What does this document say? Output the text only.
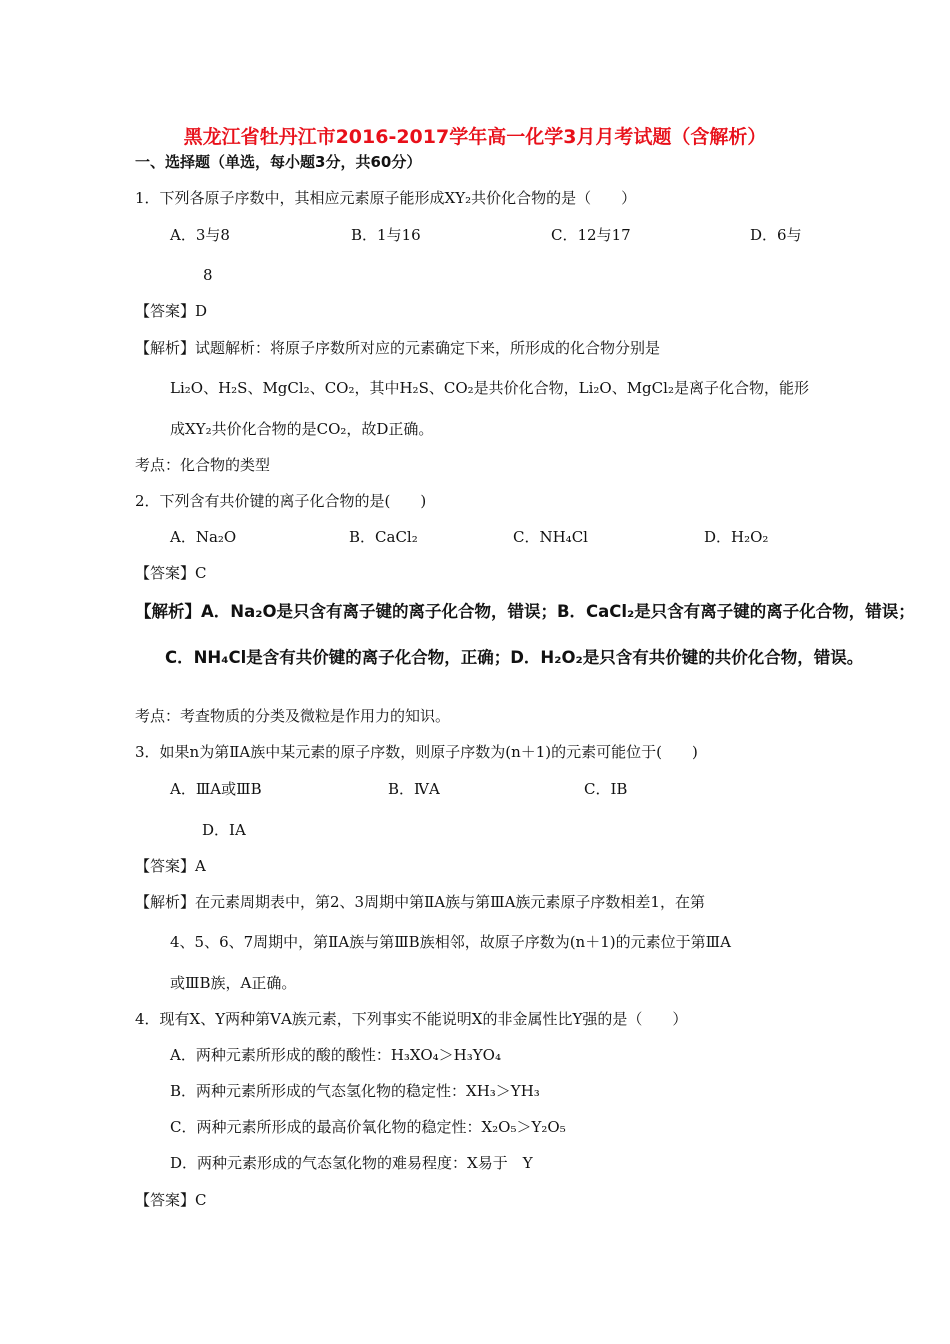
黑龙江省牡丹江市2016-2017学年高一化学3月月考试题（含解析）
一、选择题（单选，每小题3分，共60分）
1．下列各原子序数中，其相应元素原子能形成XY₂共价化合物的是（　　）
A．3与8	B．1与16	C．12与17	D．6与
8
【答案】D
【解析】试题解析：将原子序数所对应的元素确定下来，所形成的化合物分别是
Li₂O、H₂S、MgCl₂、CO₂，其中H₂S、CO₂是共价化合物，Li₂O、MgCl₂是离子化合物，能形
成XY₂共价化合物的是CO₂，故D正确。
考点：化合物的类型
2．下列含有共价键的离子化合物的是(　　)
A．Na₂O	B．CaCl₂	C．NH₄Cl	D．H₂O₂
【答案】C
【解析】A．Na₂O是只含有离子键的离子化合物，错误；B．CaCl₂是只含有离子键的离子化合物，错误；
C．NH₄Cl是含有共价键的离子化合物，正确；D．H₂O₂是只含有共价键的共价化合物，错误。
考点：考查物质的分类及微粒是作用力的知识。
3．如果n为第ⅡA族中某元素的原子序数，则原子序数为(n＋1)的元素可能位于(　　)
A．ⅢA或ⅢB	B．ⅣA	C．ⅠB
D．ⅠA
【答案】A
【解析】在元素周期表中，第2、3周期中第ⅡA族与第ⅢA族元素原子序数相差1，在第
4、5、6、7周期中，第ⅡA族与第ⅢB族相邻，故原子序数为(n＋1)的元素位于第ⅢA
或ⅢB族，A正确。
4．现有X、Y两种第ⅤA族元素，下列事实不能说明X的非金属性比Y强的是（　　）
A．两种元素所形成的酸的酸性：H₃XO₄＞H₃YO₄
B．两种元素所形成的气态氢化物的稳定性：XH₃＞YH₃
C．两种元素所形成的最高价氧化物的稳定性：X₂O₅＞Y₂O₅
D．两种元素形成的气态氢化物的难易程度：X易于　Y
【答案】C
